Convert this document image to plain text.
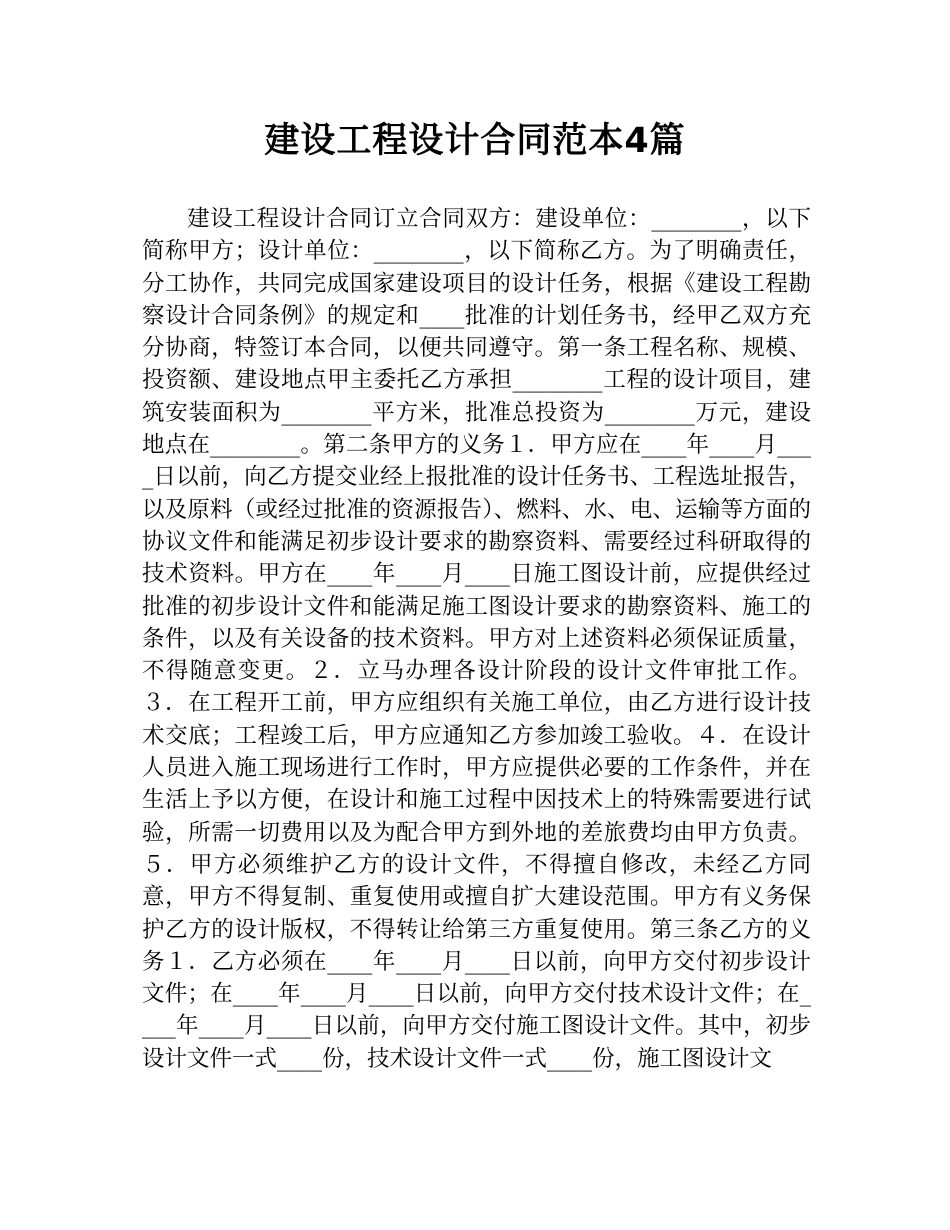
建设工程设计合同范本4篇

建设工程设计合同订立合同双方：建设单位：________，以下简称甲方；设计单位：________，以下简称乙方。为了明确责任，分工协作，共同完成国家建设项目的设计任务，根据《建设工程勘察设计合同条例》的规定和____批准的计划任务书，经甲乙双方充分协商，特签订本合同，以便共同遵守。第一条工程名称、规模、投资额、建设地点甲主委托乙方承担________工程的设计项目，建筑安装面积为________平方米，批准总投资为________万元，建设地点在________。第二条甲方的义务１．甲方应在____年____月____日以前，向乙方提交业经上报批准的设计任务书、工程选址报告，以及原料（或经过批准的资源报告）、燃料、水、电、运输等方面的协议文件和能满足初步设计要求的勘察资料、需要经过科研取得的技术资料。甲方在____年____月____日施工图设计前，应提供经过批准的初步设计文件和能满足施工图设计要求的勘察资料、施工的条件，以及有关设备的技术资料。甲方对上述资料必须保证质量，不得随意变更。２．立马办理各设计阶段的设计文件审批工作。３．在工程开工前，甲方应组织有关施工单位，由乙方进行设计技术交底；工程竣工后，甲方应通知乙方参加竣工验收。４．在设计人员进入施工现场进行工作时，甲方应提供必要的工作条件，并在生活上予以方便，在设计和施工过程中因技术上的特殊需要进行试验，所需一切费用以及为配合甲方到外地的差旅费均由甲方负责。５．甲方必须维护乙方的设计文件，不得擅自修改，未经乙方同意，甲方不得复制、重复使用或擅自扩大建设范围。甲方有义务保护乙方的设计版权，不得转让给第三方重复使用。第三条乙方的义务１．乙方必须在____年____月____日以前，向甲方交付初步设计文件；在____年____月____日以前，向甲方交付技术设计文件；在____年____月____日以前，向甲方交付施工图设计文件。其中，初步设计文件一式____份，技术设计文件一式____份，施工图设计文
